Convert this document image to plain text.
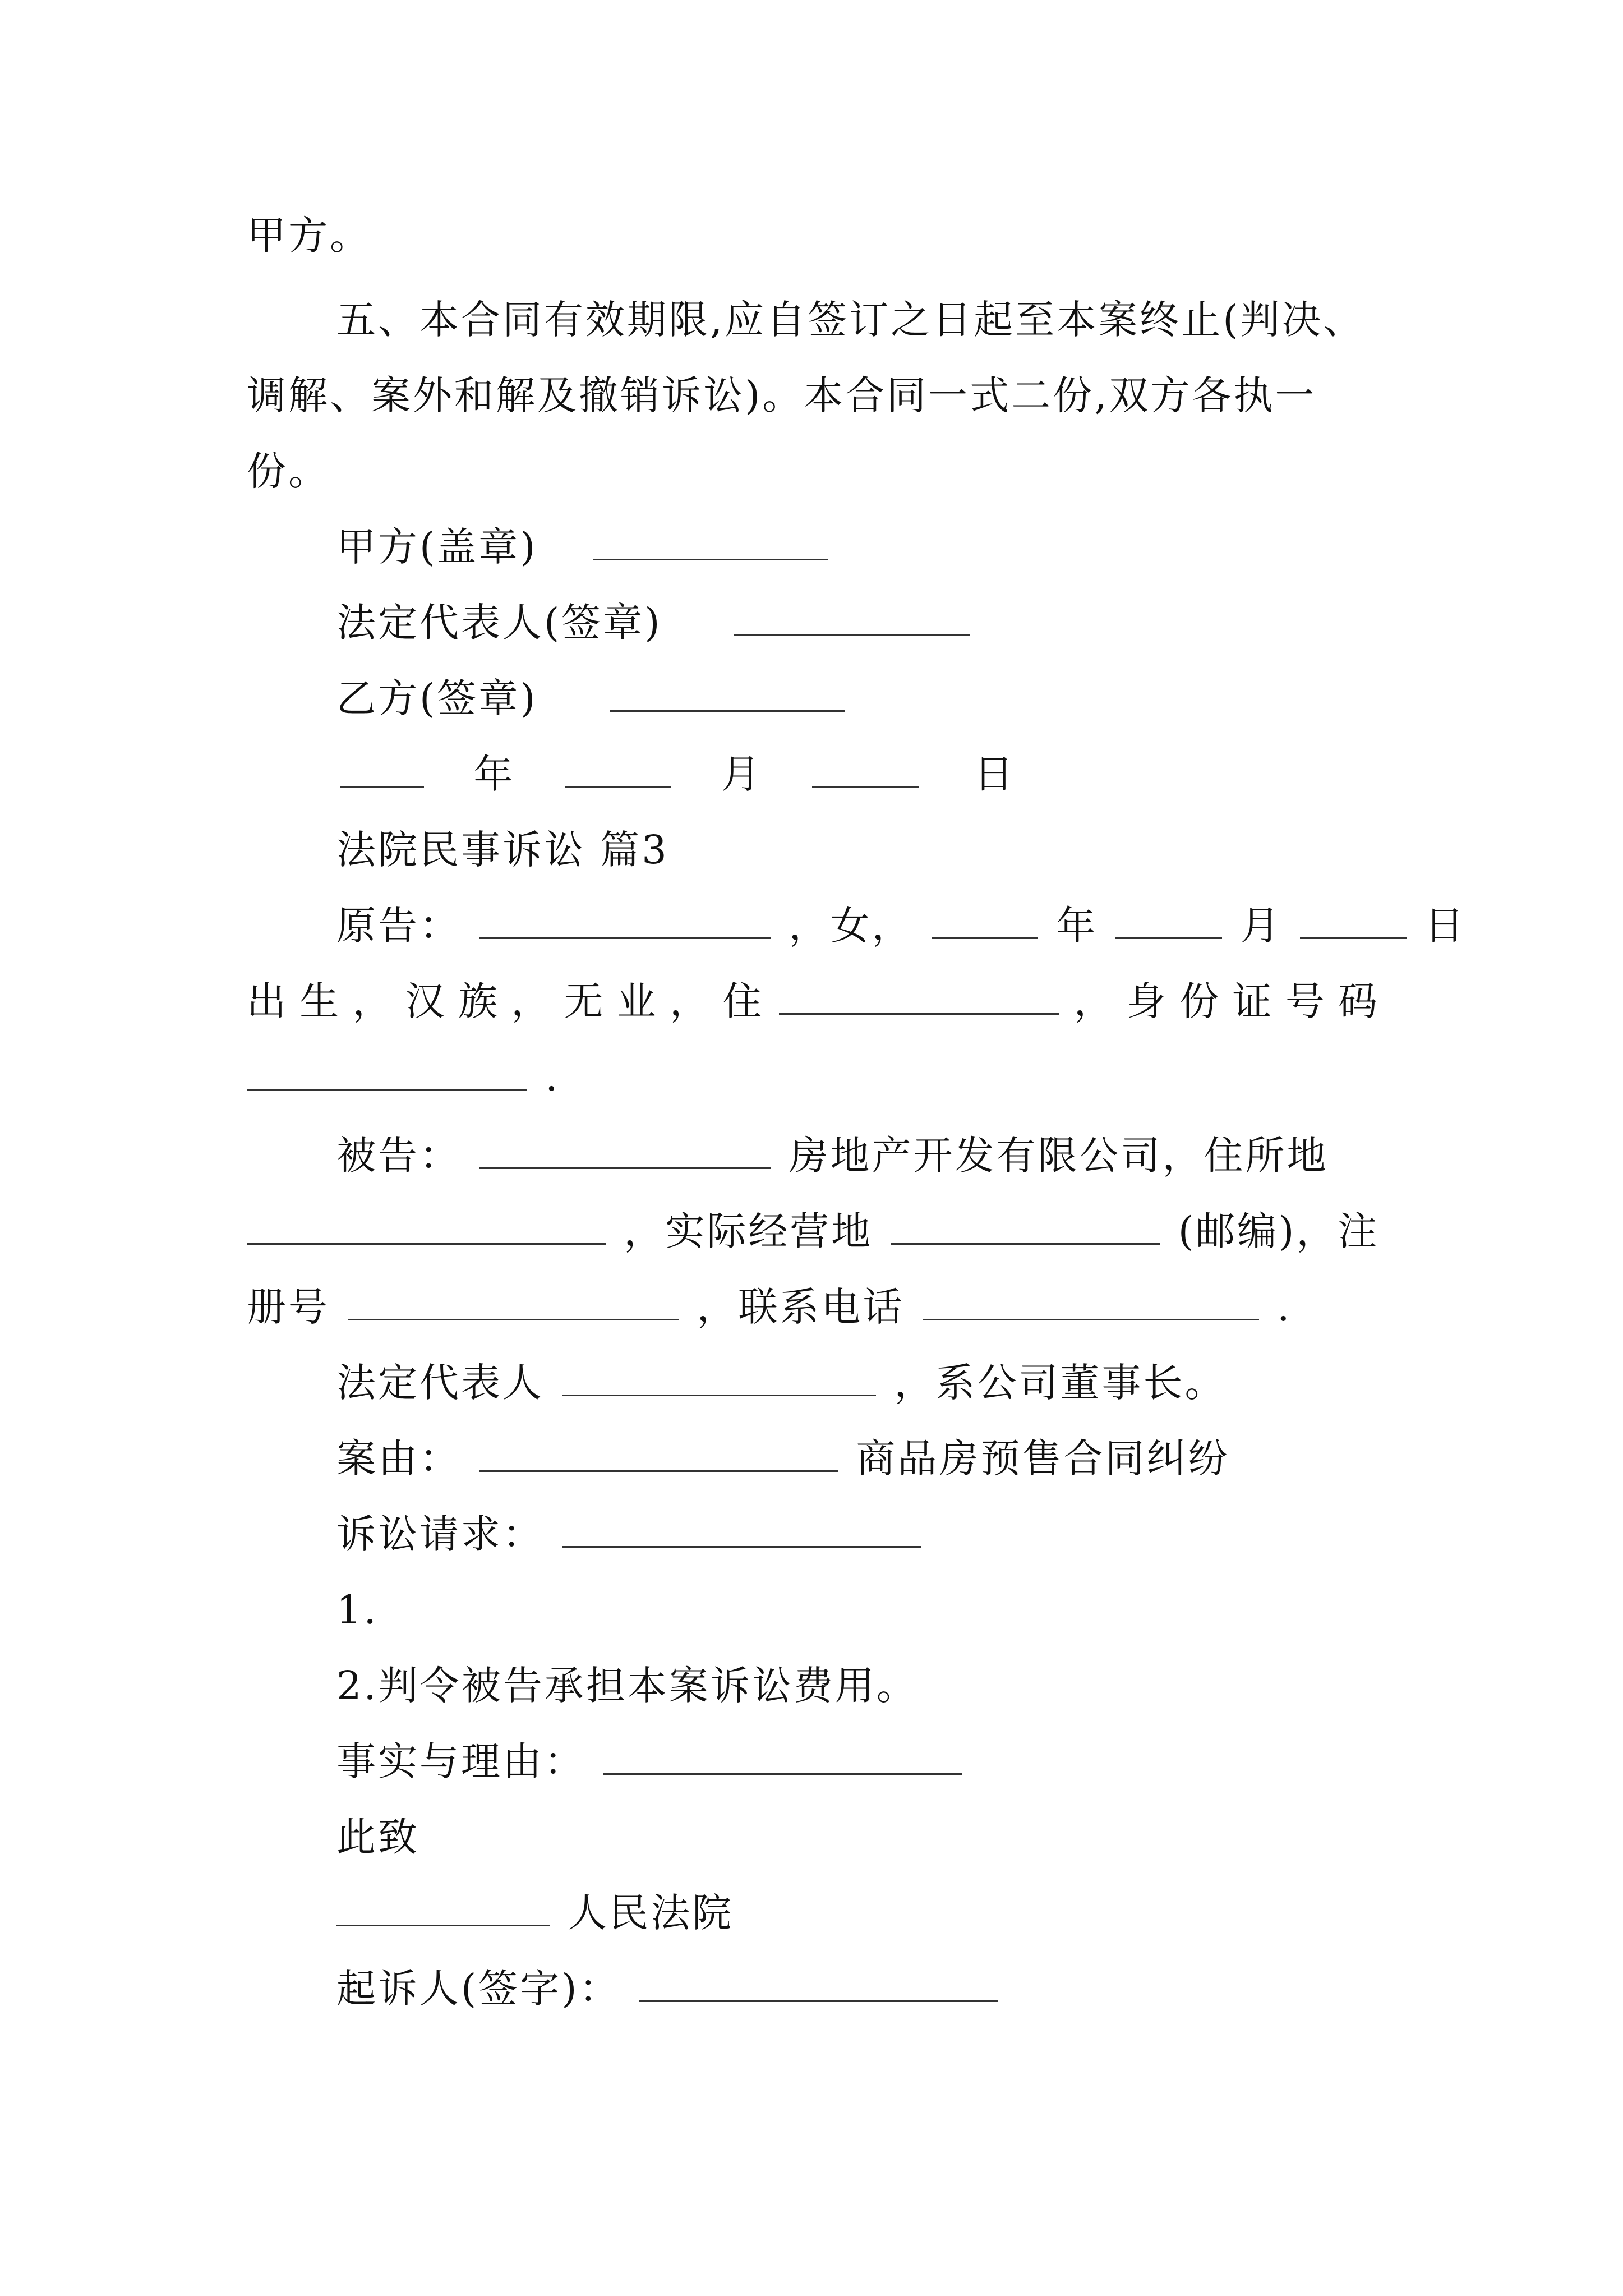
甲方。
五、本合同有效期限,应自签订之日起至本案终止(判决、
调解、案外和解及撤销诉讼)。本合同一式二份,双方各执一
份。
甲方(盖章)
法定代表人(签章)
乙方(签章)
年	月	日
法院民事诉讼 篇3
原告：	，女，	年	月	日
出 生 ， 汉 族 ， 无 业 ， 住	， 身 份 证 号 码
.
被告：	房地产开发有限公司，住所地
，实际经营地	(邮编)，注
册号	，联系电话	.
法定代表人	，系公司董事长。
案由：	商品房预售合同纠纷
诉讼请求：
1.
2.判令被告承担本案诉讼费用。
事实与理由：
此致
人民法院
起诉人(签字)：
